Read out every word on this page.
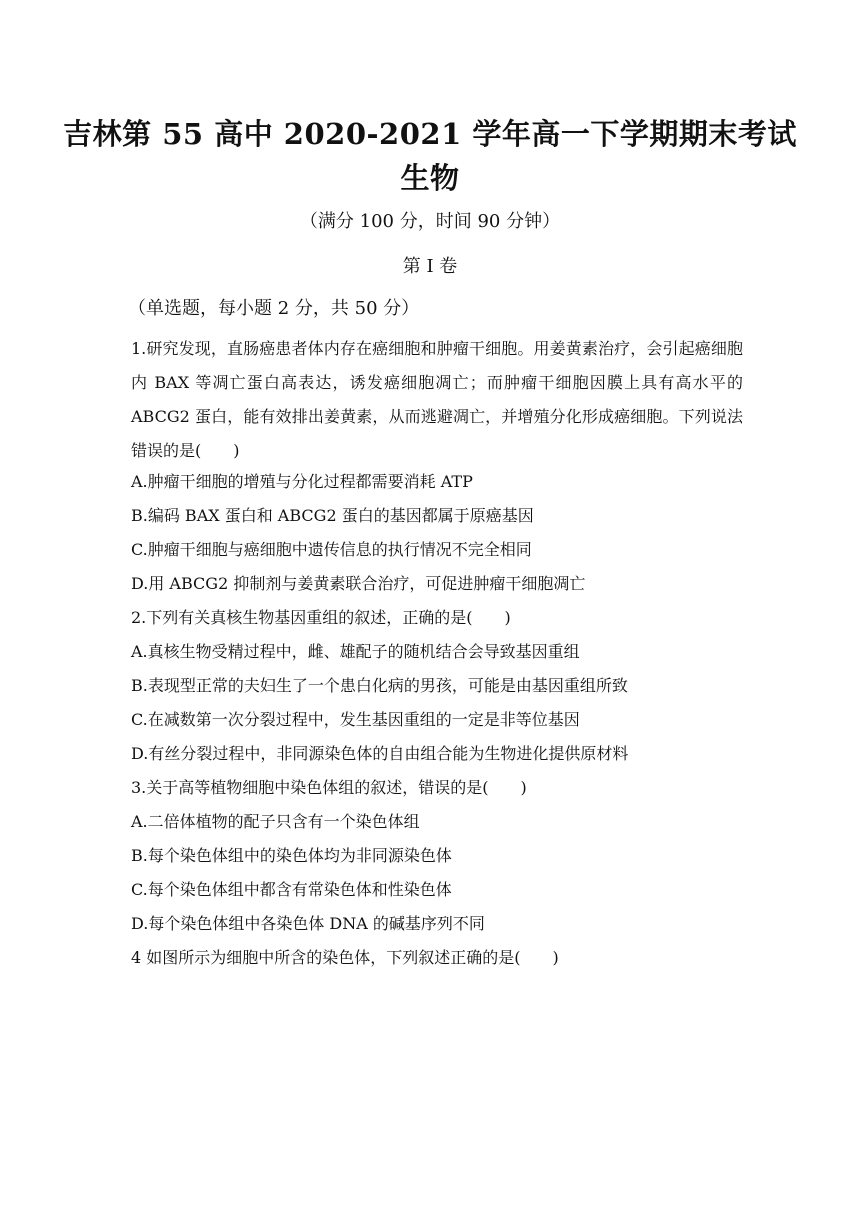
吉林第 55 高中 2020-2021 学年高一下学期期末考试
生物
（满分 100 分，时间 90 分钟）
第 I 卷
（单选题，每小题 2 分，共 50 分）
1.研究发现，直肠癌患者体内存在癌细胞和肿瘤干细胞。用姜黄素治疗，会引起癌细胞内 BAX 等凋亡蛋白高表达，诱发癌细胞凋亡；而肿瘤干细胞因膜上具有高水平的 ABCG2 蛋白，能有效排出姜黄素，从而逃避凋亡，并增殖分化形成癌细胞。下列说法错误的是(　　)
A.肿瘤干细胞的增殖与分化过程都需要消耗 ATP
B.编码 BAX 蛋白和 ABCG2 蛋白的基因都属于原癌基因
C.肿瘤干细胞与癌细胞中遗传信息的执行情况不完全相同
D.用 ABCG2 抑制剂与姜黄素联合治疗，可促进肿瘤干细胞凋亡
2.下列有关真核生物基因重组的叙述，正确的是(　　)
A.真核生物受精过程中，雌、雄配子的随机结合会导致基因重组
B.表现型正常的夫妇生了一个患白化病的男孩，可能是由基因重组所致
C.在减数第一次分裂过程中，发生基因重组的一定是非等位基因
D.有丝分裂过程中，非同源染色体的自由组合能为生物进化提供原材料
3.关于高等植物细胞中染色体组的叙述，错误的是(　　)
A.二倍体植物的配子只含有一个染色体组
B.每个染色体组中的染色体均为非同源染色体
C.每个染色体组中都含有常染色体和性染色体
D.每个染色体组中各染色体 DNA 的碱基序列不同
4 如图所示为细胞中所含的染色体，下列叙述正确的是(　　)
